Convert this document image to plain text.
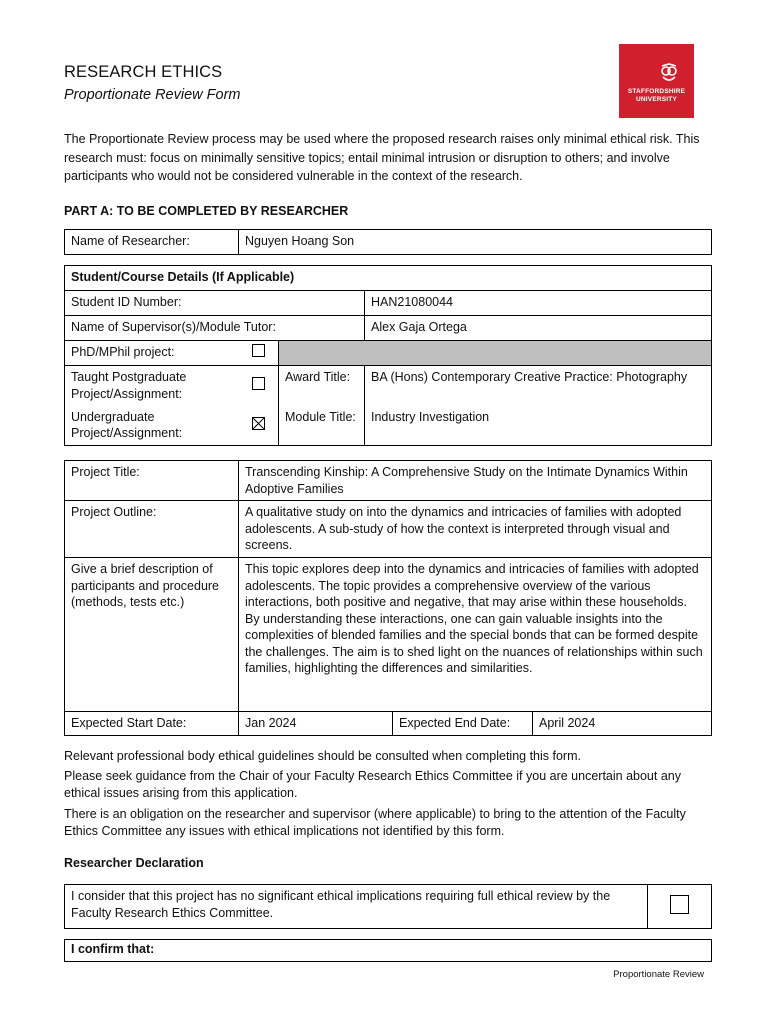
RESEARCH ETHICS
Proportionate Review Form	STAFFORDSHIRE UNIVERSITY
The Proportionate Review process may be used where the proposed research raises only minimal ethical risk. This research must: focus on minimally sensitive topics; entail minimal intrusion or disruption to others; and involve participants who would not be considered vulnerable in the context of the research.
PART A: TO BE COMPLETED BY RESEARCHER
Name of Researcher:	Nguyen Hoang Son
Student/Course Details (If Applicable)			
Student ID Number:			HAN21080044
Name of Supervisor(s)/Module Tutor:			Alex Gaja Ortega
PhD/MPhil project:			
Taught Postgraduate Project/Assignment:		Award Title:	BA (Hons) Contemporary Creative Practice: Photography
Undergraduate Project/Assignment:		Module Title:	Industry Investigation
Project Title:	Transcending Kinship: A Comprehensive Study on the Intimate Dynamics Within Adoptive Families		
Project Outline:	A qualitative study on into the dynamics and intricacies of families with adopted adolescents. A sub-study of how the context is interpreted through visual and screens.		
Give a brief description of participants and procedure (methods, tests etc.)	This topic explores deep into the dynamics and intricacies of families with adopted adolescents. The topic provides a comprehensive overview of the various interactions, both positive and negative, that may arise within these households.
By understanding these interactions, one can gain valuable insights into the complexities of blended families and the special bonds that can be formed despite the challenges. The aim is to shed light on the nuances of relationships within such families, highlighting the differences and similarities.		

Expected Start Date:	Jan 2024	Expected End Date:	April 2024
Relevant professional body ethical guidelines should be consulted when completing this form.
Please seek guidance from the Chair of your Faculty Research Ethics Committee if you are uncertain about any ethical issues arising from this application.
There is an obligation on the researcher and supervisor (where applicable) to bring to the attention of the Faculty Ethics Committee any issues with ethical implications not identified by this form.
Researcher Declaration
I consider that this project has no significant ethical implications requiring full ethical review by the Faculty Research Ethics Committee.	
I confirm that:
Proportionate Review
